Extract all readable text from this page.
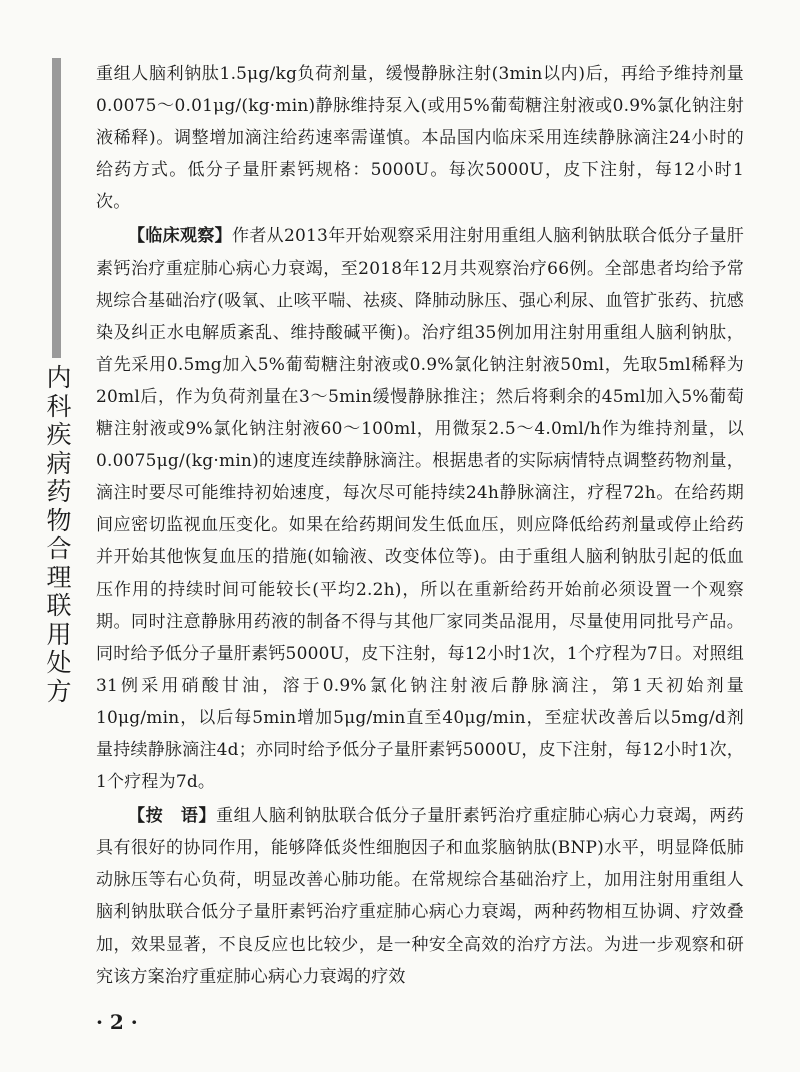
内科疾病药物合理联用处方

重组人脑利钠肽1.5μg/kg负荷剂量，缓慢静脉注射(3min以内)后，再给予维持剂量0.0075～0.01μg/(kg·min)静脉维持泵入(或用5%葡萄糖注射液或0.9%氯化钠注射液稀释)。调整增加滴注给药速率需谨慎。本品国内临床采用连续静脉滴注24小时的给药方式。低分子量肝素钙规格：5000U。每次5000U，皮下注射，每12小时1次。

【临床观察】作者从2013年开始观察采用注射用重组人脑利钠肽联合低分子量肝素钙治疗重症肺心病心力衰竭，至2018年12月共观察治疗66例。全部患者均给予常规综合基础治疗(吸氧、止咳平喘、祛痰、降肺动脉压、强心利尿、血管扩张药、抗感染及纠正水电解质紊乱、维持酸碱平衡)。治疗组35例加用注射用重组人脑利钠肽，首先采用0.5mg加入5%葡萄糖注射液或0.9%氯化钠注射液50ml，先取5ml稀释为20ml后，作为负荷剂量在3～5min缓慢静脉推注；然后将剩余的45ml加入5%葡萄糖注射液或9%氯化钠注射液60～100ml，用微泵2.5～4.0ml/h作为维持剂量，以0.0075μg/(kg·min)的速度连续静脉滴注。根据患者的实际病情特点调整药物剂量，滴注时要尽可能维持初始速度，每次尽可能持续24h静脉滴注，疗程72h。在给药期间应密切监视血压变化。如果在给药期间发生低血压，则应降低给药剂量或停止给药并开始其他恢复血压的措施(如输液、改变体位等)。由于重组人脑利钠肽引起的低血压作用的持续时间可能较长(平均2.2h)，所以在重新给药开始前必须设置一个观察期。同时注意静脉用药液的制备不得与其他厂家同类品混用，尽量使用同批号产品。同时给予低分子量肝素钙5000U，皮下注射，每12小时1次，1个疗程为7日。对照组31例采用硝酸甘油，溶于0.9%氯化钠注射液后静脉滴注，第1天初始剂量10μg/min，以后每5min增加5μg/min直至40μg/min，至症状改善后以5mg/d剂量持续静脉滴注4d；亦同时给予低分子量肝素钙5000U，皮下注射，每12小时1次，1个疗程为7d。

【按　语】重组人脑利钠肽联合低分子量肝素钙治疗重症肺心病心力衰竭，两药具有很好的协同作用，能够降低炎性细胞因子和血浆脑钠肽(BNP)水平，明显降低肺动脉压等右心负荷，明显改善心肺功能。在常规综合基础治疗上，加用注射用重组人脑利钠肽联合低分子量肝素钙治疗重症肺心病心力衰竭，两种药物相互协调、疗效叠加，效果显著，不良反应也比较少，是一种安全高效的治疗方法。为进一步观察和研究该方案治疗重症肺心病心力衰竭的疗效

· 2 ·
